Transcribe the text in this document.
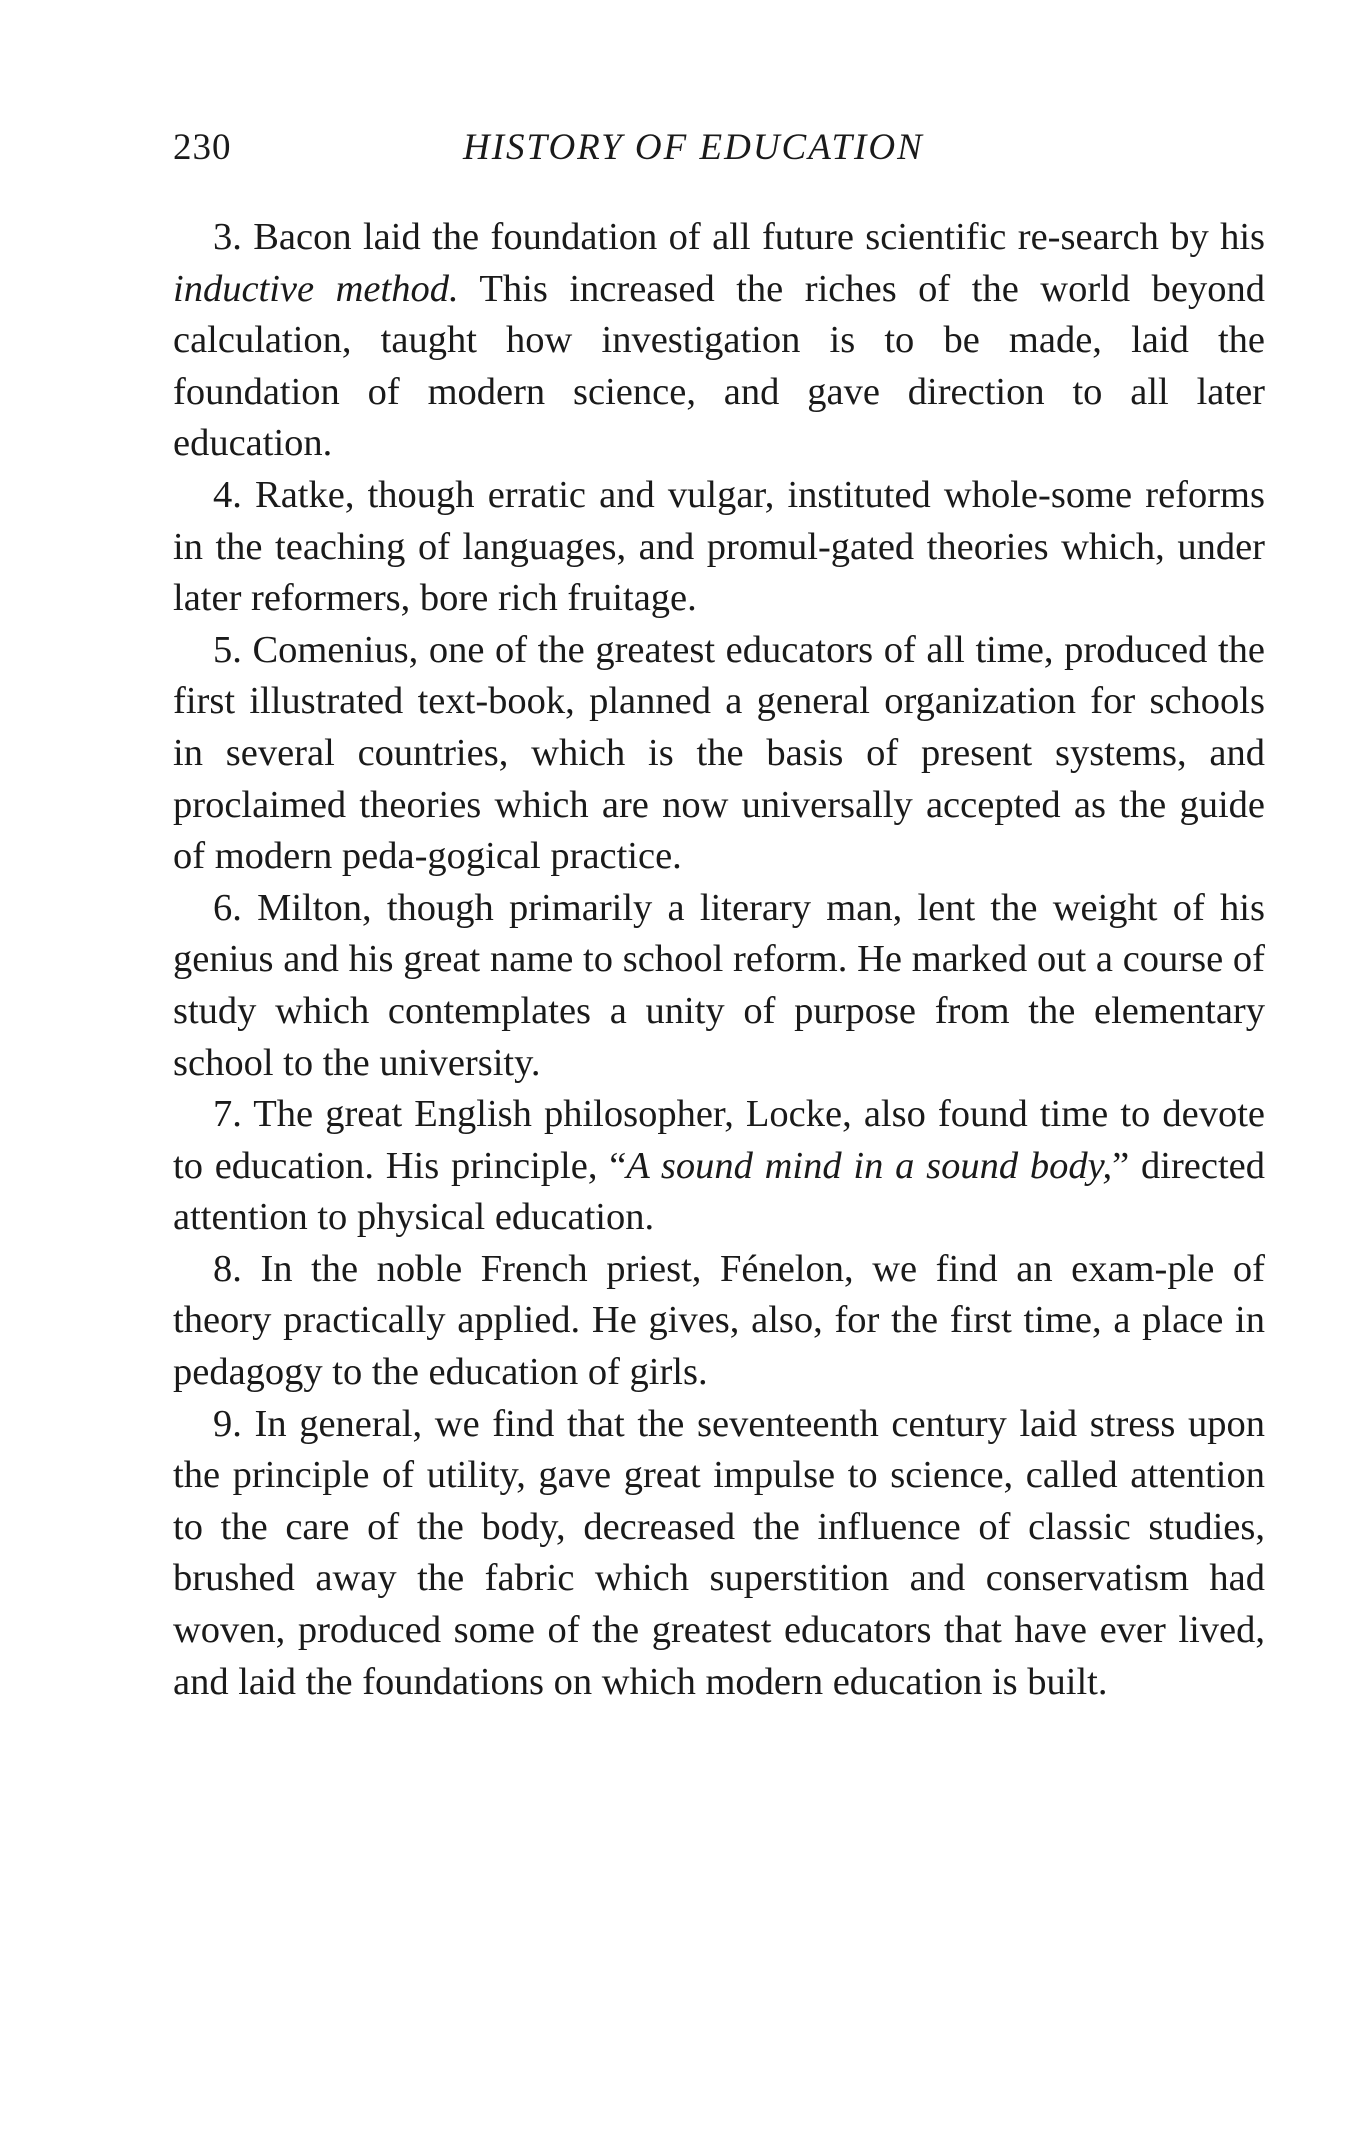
230	HISTORY OF EDUCATION

3. Bacon laid the foundation of all future scientific re-search by his inductive method. This increased the riches of the world beyond calculation, taught how investigation is to be made, laid the foundation of modern science, and gave direction to all later education.

4. Ratke, though erratic and vulgar, instituted whole-some reforms in the teaching of languages, and promul-gated theories which, under later reformers, bore rich fruitage.

5. Comenius, one of the greatest educators of all time, produced the first illustrated text-book, planned a general organization for schools in several countries, which is the basis of present systems, and proclaimed theories which are now universally accepted as the guide of modern peda-gogical practice.

6. Milton, though primarily a literary man, lent the weight of his genius and his great name to school reform. He marked out a course of study which contemplates a unity of purpose from the elementary school to the university.

7. The great English philosopher, Locke, also found time to devote to education. His principle, “A sound mind in a sound body,” directed attention to physical education.

8. In the noble French priest, Fénelon, we find an exam-ple of theory practically applied. He gives, also, for the first time, a place in pedagogy to the education of girls.

9. In general, we find that the seventeenth century laid stress upon the principle of utility, gave great impulse to science, called attention to the care of the body, decreased the influence of classic studies, brushed away the fabric which superstition and conservatism had woven, produced some of the greatest educators that have ever lived, and laid the foundations on which modern education is built.
